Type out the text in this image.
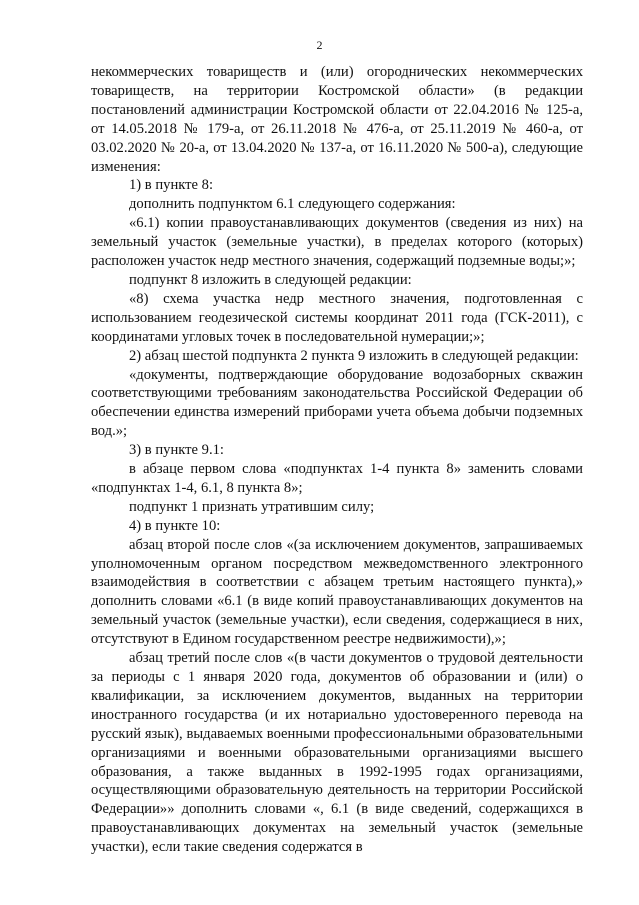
2

некоммерческих товариществ и (или) огороднических некоммерческих товариществ, на территории Костромской области» (в редакции постановлений администрации Костромской области от 22.04.2016 № 125-а, от 14.05.2018 № 179-а, от 26.11.2018 № 476-а, от 25.11.2019 № 460-а, от 03.02.2020 № 20-а, от 13.04.2020 № 137-а, от 16.11.2020 № 500-а), следующие изменения:

1) в пункте 8:

дополнить подпунктом 6.1 следующего содержания:

«6.1) копии правоустанавливающих документов (сведения из них) на земельный участок (земельные участки), в пределах которого (которых) расположен участок недр местного значения, содержащий подземные воды;»;

подпункт 8 изложить в следующей редакции:

«8) схема участка недр местного значения, подготовленная с использованием геодезической системы координат 2011 года (ГСК-2011), с координатами угловых точек в последовательной нумерации;»;

2) абзац шестой подпункта 2 пункта 9 изложить в следующей редакции:

«документы, подтверждающие оборудование водозаборных скважин соответствующими требованиям законодательства Российской Федерации об обеспечении единства измерений приборами учета объема добычи подземных вод.»;

3) в пункте 9.1:

в абзаце первом слова «подпунктах 1-4 пункта 8» заменить словами «подпунктах 1-4, 6.1, 8 пункта 8»;

подпункт 1 признать утратившим силу;

4) в пункте 10:

абзац второй после слов «(за исключением документов, запрашиваемых уполномоченным органом посредством межведомственного электронного взаимодействия в соответствии с абзацем третьим настоящего пункта),» дополнить словами «6.1 (в виде копий правоустанавливающих документов на земельный участок (земельные участки), если сведения, содержащиеся в них, отсутствуют в Едином государственном реестре недвижимости),»;

абзац третий после слов «(в части документов о трудовой деятельности за периоды с 1 января 2020 года, документов об образовании и (или) о квалификации, за исключением документов, выданных на территории иностранного государства (и их нотариально удостоверенного перевода на русский язык), выдаваемых военными профессиональными образовательными организациями и военными образовательными организациями высшего образования, а также выданных в 1992-1995 годах организациями, осуществляющими образовательную деятельность на территории Российской Федерации»» дополнить словами «, 6.1 (в виде сведений, содержащихся в правоустанавливающих документах на земельный участок (земельные участки), если такие сведения содержатся в
